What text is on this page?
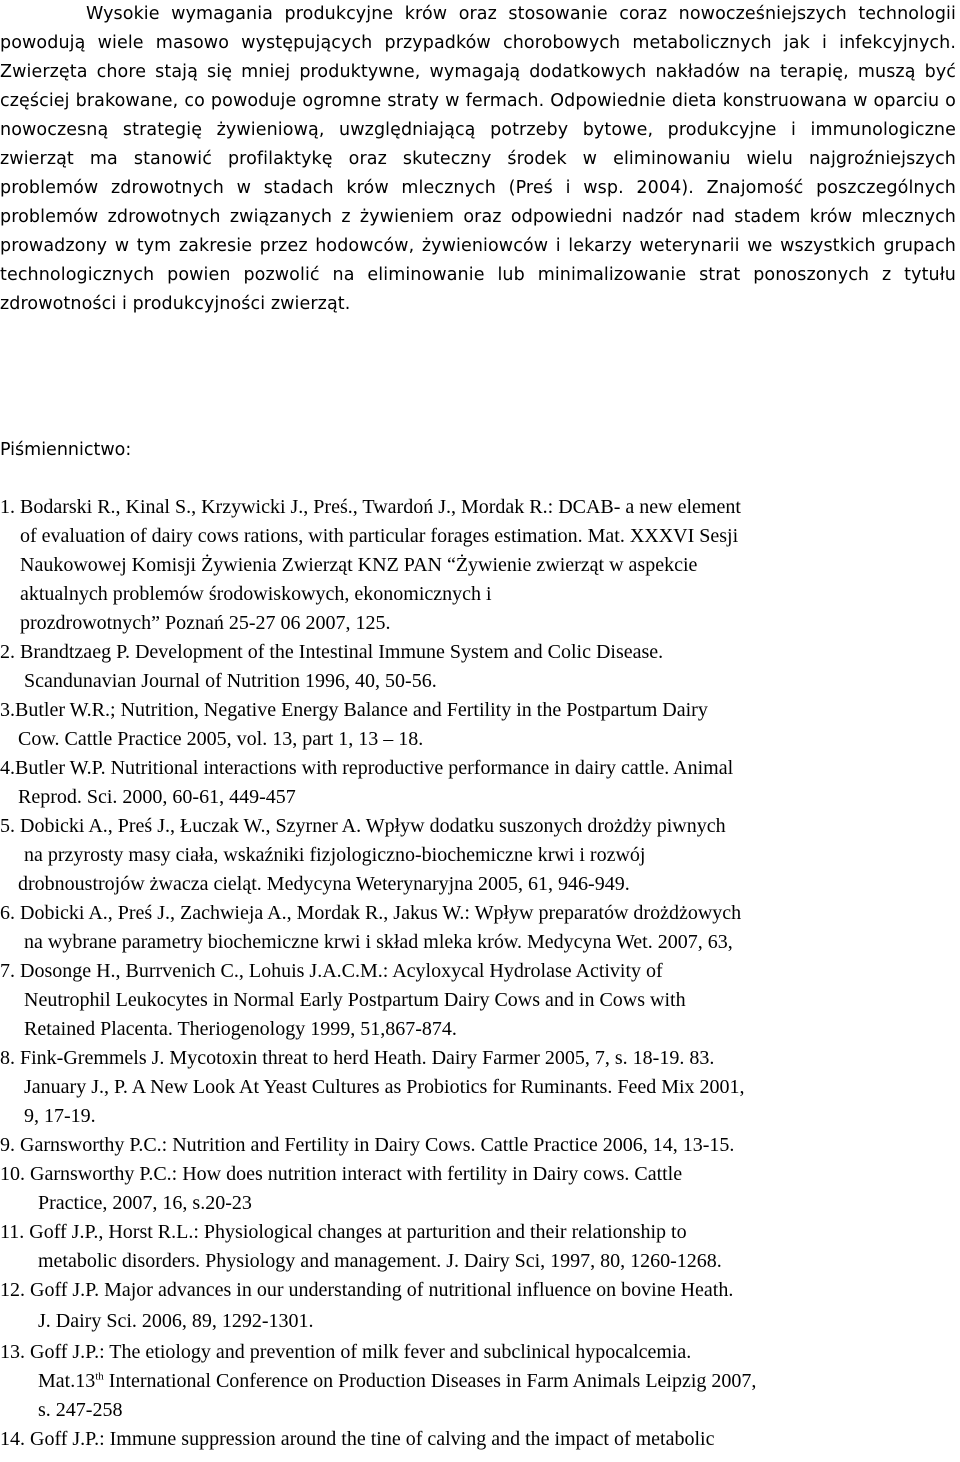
Wysokie wymagania produkcyjne krów oraz stosowanie coraz nowocześniejszych technologii powodują wiele masowo występujących przypadków chorobowych metabolicznych jak i infekcyjnych. Zwierzęta chore stają się mniej produktywne, wymagają dodatkowych nakładów na terapię, muszą być częściej brakowane, co powoduje ogromne straty w fermach. Odpowiednie dieta konstruowana w oparciu o nowoczesną strategię żywieniową, uwzględniającą potrzeby bytowe, produkcyjne i immunologiczne zwierząt ma stanowić profilaktykę oraz skuteczny środek w eliminowaniu wielu najgroźniejszych problemów zdrowotnych w stadach krów mlecznych (Preś i wsp. 2004). Znajomość poszczególnych problemów zdrowotnych związanych z żywieniem oraz odpowiedni nadzór nad stadem krów mlecznych prowadzony w tym zakresie przez hodowców, żywieniowców i lekarzy weterynarii we wszystkich grupach technologicznych powien pozwolić na eliminowanie lub minimalizowanie strat ponoszonych z tytułu zdrowotności i produkcyjności zwierząt.

Piśmiennictwo:
1. Bodarski R., Kinal S., Krzywicki J., Preś., Twardoń J., Mordak R.: DCAB- a new element
of evaluation of dairy cows rations, with particular forages estimation. Mat. XXXVI Sesji
Naukowowej Komisji Żywienia Zwierząt KNZ PAN “Żywienie zwierząt w aspekcie
aktualnych problemów środowiskowych, ekonomicznych i
prozdrowotnych” Poznań 25-27 06 2007, 125.
2. Brandtzaeg P. Development of the Intestinal Immune System and Colic Disease.
Scandunavian Journal of Nutrition 1996, 40, 50-56.
3.Butler W.R.; Nutrition, Negative Energy Balance and Fertility in the Postpartum Dairy
Cow. Cattle Practice 2005, vol. 13, part 1, 13 – 18.
4.Butler W.P. Nutritional interactions with reproductive performance in dairy cattle. Animal
Reprod. Sci. 2000, 60-61, 449-457
5. Dobicki A., Preś J., Łuczak W., Szyrner A. Wpływ dodatku suszonych drożdży piwnych
na przyrosty masy ciała, wskaźniki fizjologiczno-biochemiczne krwi i rozwój
drobnoustrojów żwacza cieląt. Medycyna Weterynaryjna 2005, 61, 946-949.
6. Dobicki A., Preś J., Zachwieja A., Mordak R., Jakus W.: Wpływ preparatów drożdżowych
na wybrane parametry biochemiczne krwi i skład mleka krów. Medycyna Wet. 2007, 63,
7. Dosonge H., Burrvenich C., Lohuis J.A.C.M.: Acyloxycal Hydrolase Activity of
Neutrophil Leukocytes in Normal Early Postpartum Dairy Cows and in Cows with
Retained Placenta. Theriogenology 1999, 51,867-874.
8. Fink-Gremmels J. Mycotoxin threat to herd Heath. Dairy Farmer 2005, 7, s. 18-19. 83.
January J., P. A New Look At Yeast Cultures as Probiotics for Ruminants. Feed Mix 2001,
9, 17-19.
9. Garnsworthy P.C.: Nutrition and Fertility in Dairy Cows. Cattle Practice 2006, 14, 13-15.
10. Garnsworthy P.C.: How does nutrition interact with fertility in Dairy cows. Cattle
Practice, 2007, 16, s.20-23
11. Goff J.P., Horst R.L.: Physiological changes at parturition and their relationship to
metabolic disorders. Physiology and management. J. Dairy Sci, 1997, 80, 1260-1268.
12. Goff J.P. Major advances in our understanding of nutritional influence on bovine Heath.
J. Dairy Sci. 2006, 89, 1292-1301.
13. Goff J.P.: The etiology and prevention of milk fever and subclinical hypocalcemia.
Mat.13th International Conference on Production Diseases in Farm Animals Leipzig 2007,
s. 247-258
14. Goff J.P.: Immune suppression around the tine of calving and the impact of metabolic
